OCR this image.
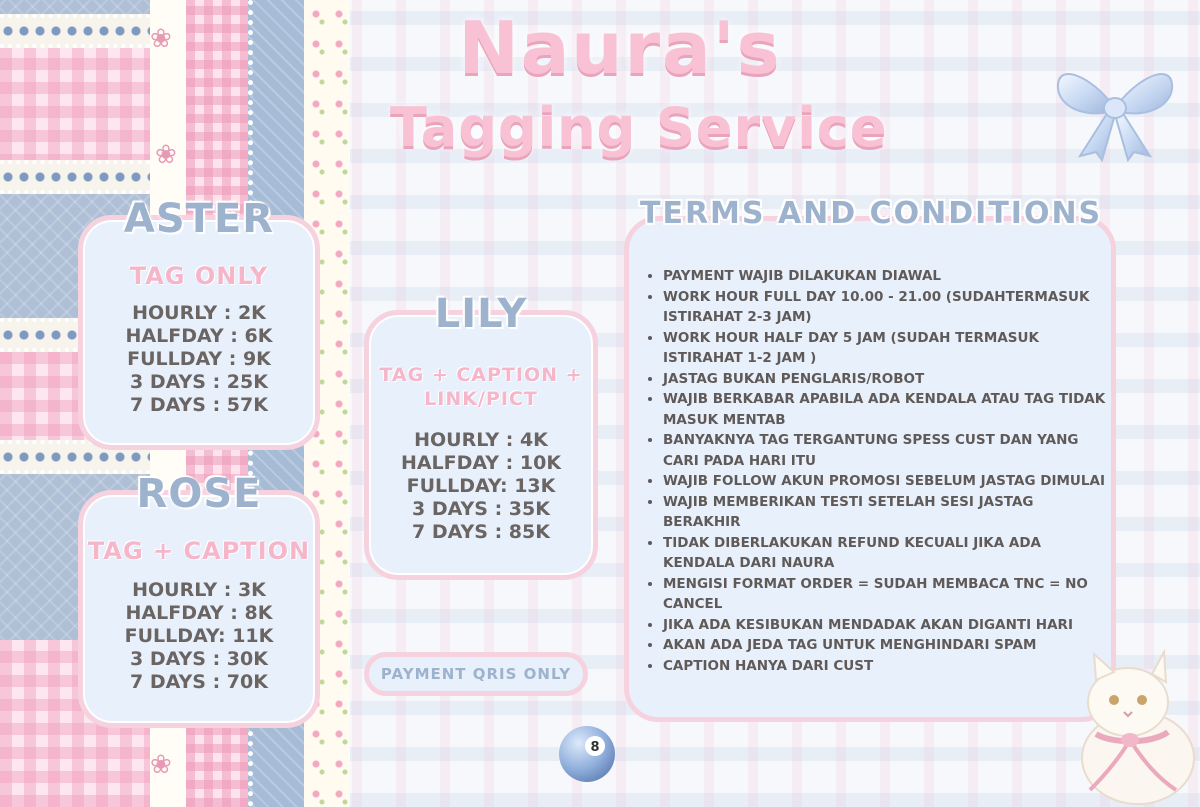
❀
❀
❀
Naura's
Tagging Service
ASTER

TAG ONLY

HOURLY : 2K
HALFDAY : 6K
FULLDAY : 9K
3 DAYS : 25K
7 DAYS : 57K
ROSE

TAG + CAPTION

HOURLY : 3K
HALFDAY : 8K
FULLDAY: 11K
3 DAYS : 30K
7 DAYS : 70K
LILY

TAG + CAPTION + LINK/PICT

HOURLY : 4K
HALFDAY : 10K
FULLDAY: 13K
3 DAYS : 35K
7 DAYS : 85K
PAYMENT QRIS ONLY
TERMS AND CONDITIONS
• PAYMENT WAJIB DILAKUKAN DIAWAL
• WORK HOUR FULL DAY 10.00 - 21.00 (SUDAHTERMASUK ISTIRAHAT 2-3 JAM)
• WORK HOUR HALF DAY 5 JAM (SUDAH TERMASUK ISTIRAHAT 1-2 JAM )
• JASTAG BUKAN PENGLARIS/ROBOT
• WAJIB BERKABAR APABILA ADA KENDALA ATAU TAG TIDAK MASUK MENTAB
• BANYAKNYA TAG TERGANTUNG SPESS CUST DAN YANG CARI PADA HARI ITU
• WAJIB FOLLOW AKUN PROMOSI SEBELUM JASTAG DIMULAI
• WAJIB MEMBERIKAN TESTI SETELAH SESI JASTAG BERAKHIR
• TIDAK DIBERLAKUKAN REFUND KECUALI JIKA ADA KENDALA DARI NAURA
• MENGISI FORMAT ORDER = SUDAH MEMBACA TNC = NO CANCEL
• JIKA ADA KESIBUKAN MENDADAK AKAN DIGANTI HARI
• AKAN ADA JEDA TAG UNTUK MENGHINDARI SPAM
• CAPTION HANYA DARI CUST
8
